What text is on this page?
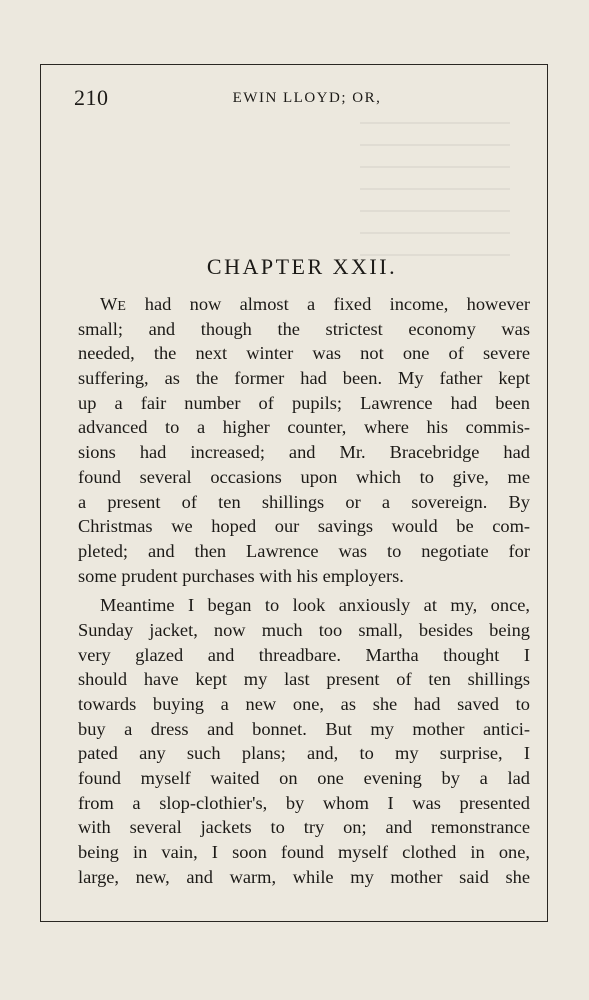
210	EWIN LLOYD; OR,
CHAPTER XXII.
WE had now almost a fixed income, however
small; and though the strictest economy was
needed, the next winter was not one of severe
suffering, as the former had been. My father kept
up a fair number of pupils; Lawrence had been
advanced to a higher counter, where his commis-
sions had increased; and Mr. Bracebridge had
found several occasions upon which to give, me
a present of ten shillings or a sovereign. By
Christmas we hoped our savings would be com-
pleted; and then Lawrence was to negotiate for
some prudent purchases with his employers.
Meantime I began to look anxiously at my, once,
Sunday jacket, now much too small, besides being
very glazed and threadbare. Martha thought I
should have kept my last present of ten shillings
towards buying a new one, as she had saved to
buy a dress and bonnet. But my mother antici-
pated any such plans; and, to my surprise, I
found myself waited on one evening by a lad
from a slop-clothier's, by whom I was presented
with several jackets to try on; and remonstrance
being in vain, I soon found myself clothed in one,
large, new, and warm, while my mother said she
